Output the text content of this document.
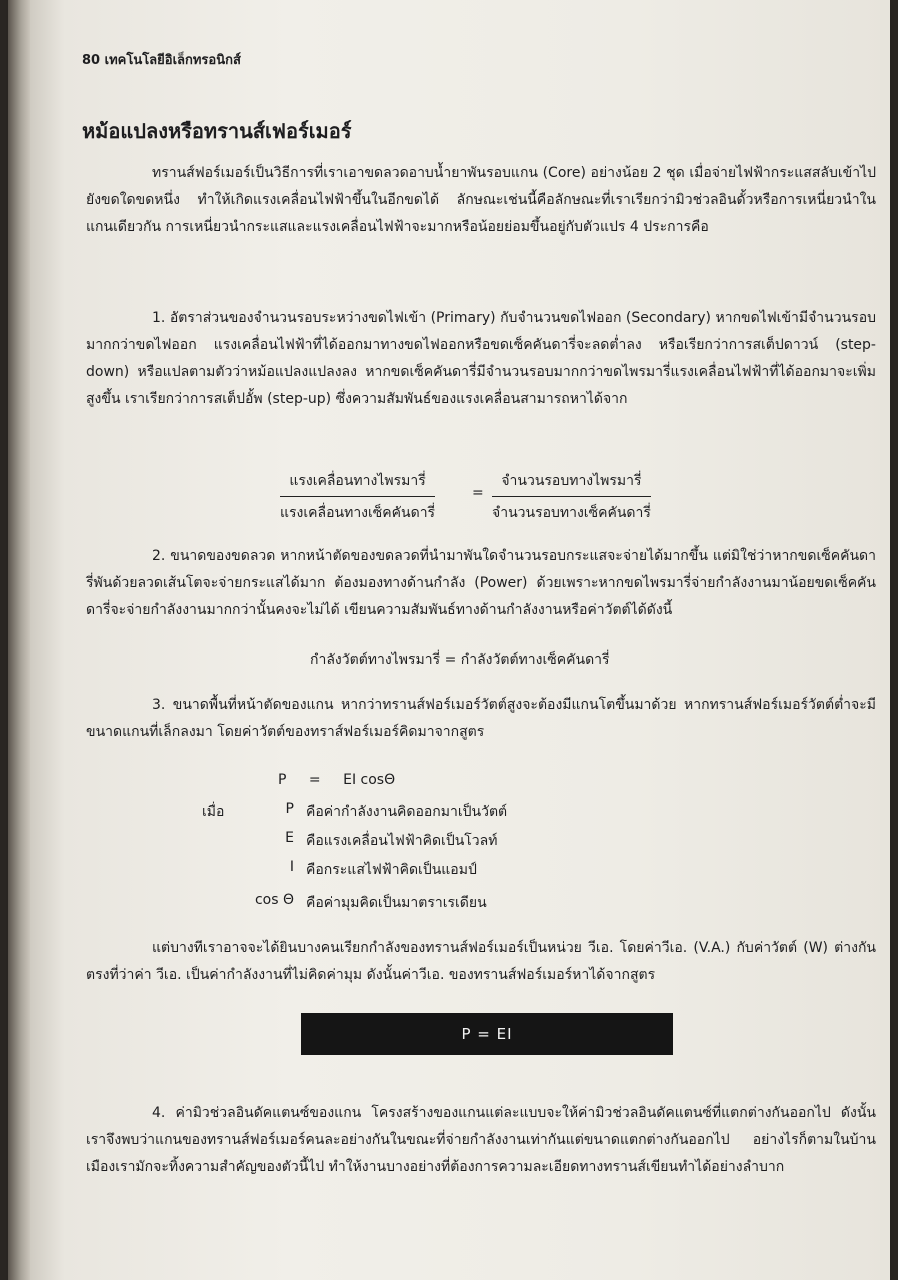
80 เทคโนโลยีอิเล็กทรอนิกส์
หม้อแปลงหรือทรานส์เฟอร์เมอร์

ทรานส์ฟอร์เมอร์เป็นวิธีการที่เราเอาขดลวดอาบน้ำยาพันรอบแกน (Core) อย่างน้อย 2 ชุด เมื่อจ่ายไฟฟ้ากระแสสลับเข้าไปยังขดใดขดหนึ่ง ทำให้เกิดแรงเคลื่อนไฟฟ้าขึ้นในอีกขดได้ ลักษณะเช่นนี้คือลักษณะที่เราเรียกว่ามิวช่วลอินดั้วหรือการเหนี่ยวนำในแกนเดียวกัน การเหนี่ยวนำกระแสและแรงเคลื่อนไฟฟ้าจะมากหรือน้อยย่อมขึ้นอยู่กับตัวแปร 4 ประการคือ

1. อัตราส่วนของจำนวนรอบระหว่างขดไฟเข้า (Primary) กับจำนวนขดไฟออก (Secondary) หากขดไฟเข้ามีจำนวนรอบมากกว่าขดไฟออก แรงเคลื่อนไฟฟ้าที่ได้ออกมาทางขดไฟออกหรือขดเซ็คคันดารี่จะลดต่ำลง หรือเรียกว่าการสเต็ปดาวน์ (step-down) หรือแปลตามตัวว่าหม้อแปลงแปลงลง หากขดเซ็คคันดารี่มีจำนวนรอบมากกว่าขดไพรมารี่แรงเคลื่อนไฟฟ้าที่ได้ออกมาจะเพิ่มสูงขึ้น เราเรียกว่าการสเต็ปอั้พ (step-up) ซึ่งความสัมพันธ์ของแรงเคลื่อนสามารถหาได้จาก

แรงเคลื่อนทางไพรมารี่
แรงเคลื่อนทางเซ็คคันดารี่
=
จำนวนรอบทางไพรมารี่
จำนวนรอบทางเซ็คคันดารี่

2. ขนาดของขดลวด หากหน้าตัดของขดลวดที่นำมาพันใดจำนวนรอบกระแสจะจ่ายได้มากขึ้น แต่มิใช่ว่าหากขดเซ็คคันดารี่พันด้วยลวดเส้นโตจะจ่ายกระแสได้มาก ต้องมองทางด้านกำลัง (Power) ด้วยเพราะหากขดไพรมารี่จ่ายกำลังงานมาน้อยขดเซ็คคันดารี่จะจ่ายกำลังงานมากกว่านั้นคงจะไม่ได้ เขียนความสัมพันธ์ทางด้านกำลังงานหรือค่าวัตต์ได้ดังนี้

กำลังวัตต์ทางไพรมารี่ = กำลังวัตต์ทางเซ็คคันดารี่

3. ขนาดพื้นที่หน้าตัดของแกน หากว่าทรานส์ฟอร์เมอร์วัตต์สูงจะต้องมีแกนโตขึ้นมาด้วย หากทรานส์ฟอร์เมอร์วัตต์ต่ำจะมีขนาดแกนที่เล็กลงมา โดยค่าวัตต์ของทราส์ฟอร์เมอร์คิดมาจากสูตร

P = EI cosΘ
เมื่อ	P คือค่ากำลังงานคิดออกมาเป็นวัตต์
E คือแรงเคลื่อนไฟฟ้าคิดเป็นโวลท์
I คือกระแสไฟฟ้าคิดเป็นแอมป์
cos Θ คือค่ามุมคิดเป็นมาตราเรเดียน

แต่บางทีเราอาจจะได้ยินบางคนเรียกกำลังของทรานส์ฟอร์เมอร์เป็นหน่วย วีเอ. โดยค่าวีเอ. (V.A.) กับค่าวัตต์ (W) ต่างกันตรงที่ว่าค่า วีเอ. เป็นค่ากำลังงานที่ไม่คิดค่ามุม ดังนั้นค่าวีเอ. ของทรานส์ฟอร์เมอร์หาได้จากสูตร

P = EI

4. ค่ามิวช่วลอินดัคแตนซ์ของแกน โครงสร้างของแกนแต่ละแบบจะให้ค่ามิวช่วลอินดัคแตนซ์ที่แตกต่างกันออกไป ดังนั้นเราจึงพบว่าแกนของทรานส์ฟอร์เมอร์คนละอย่างกันในขณะที่จ่ายกำลังงานเท่ากันแต่ขนาดแตกต่างกันออกไป อย่างไรก็ตามในบ้านเมืองเรามักจะทิ้งความสำคัญของตัวนี้ไป ทำให้งานบางอย่างที่ต้องการความละเอียดทางทรานส์เขียนทำได้อย่างลำบาก
